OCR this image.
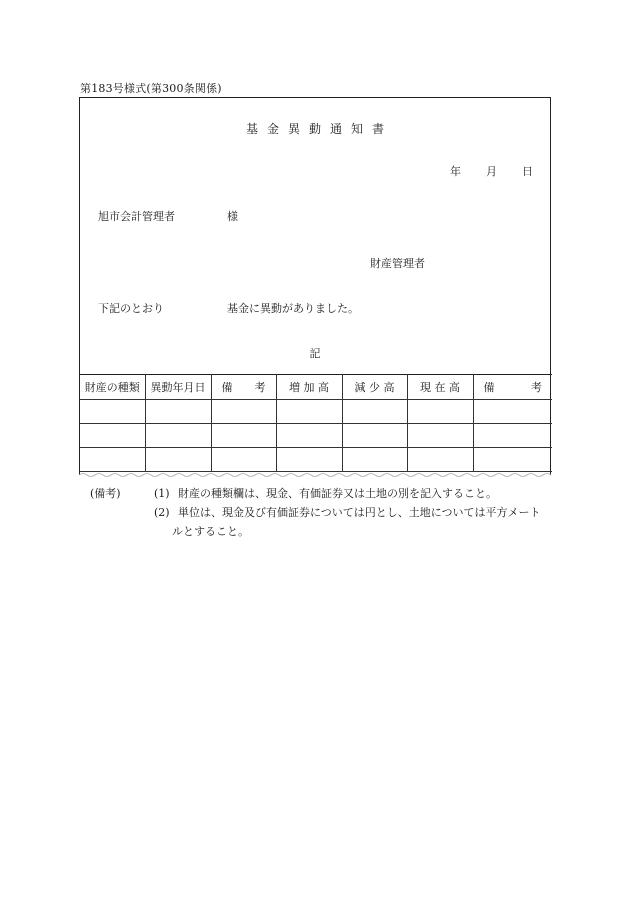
第183号様式(第300条関係)
基金異動通知書
年 月 日
旭市会計管理者	様
財産管理者
下記のとおり	基金に異動がありました。
記
財産の種類	異動年月日	備 考	増 加 高	減 少 高	現 在 高	備 考

(備考)	(1) 財産の種類欄は、現金、有価証券又は土地の別を記入すること。
(2) 単位は、現金及び有価証券については円とし、土地については平方メート
ルとすること。
